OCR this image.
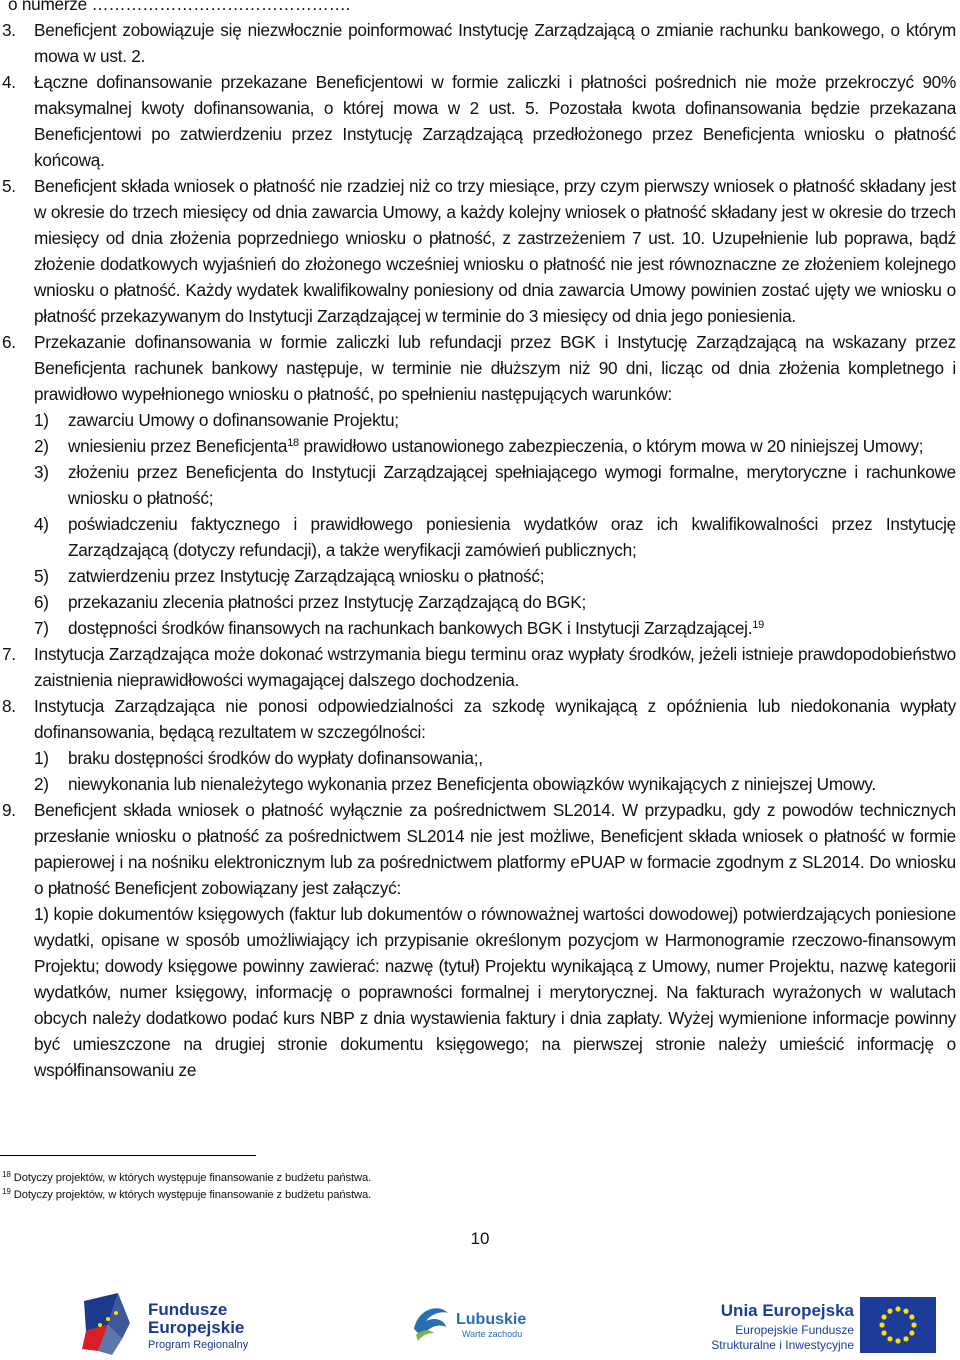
o numerze ……………………………………….
3.	Beneficjent zobowiązuje się niezwłocznie poinformować Instytucję Zarządzającą o zmianie rachunku bankowego, o którym mowa w ust. 2.
4.	Łączne dofinansowanie przekazane Beneficjentowi w formie zaliczki i płatności pośrednich nie może przekroczyć 90% maksymalnej kwoty dofinansowania, o której mowa w 2 ust. 5. Pozostała kwota dofinansowania będzie przekazana Beneficjentowi po zatwierdzeniu przez Instytucję Zarządzającą przedłożonego przez Beneficjenta wniosku o płatność końcową.
5.	Beneficjent składa wniosek o płatność nie rzadziej niż co trzy miesiące, przy czym pierwszy wniosek o płatność składany jest w okresie do trzech miesięcy od dnia zawarcia Umowy, a każdy kolejny wniosek o płatność składany jest w okresie do trzech miesięcy od dnia złożenia poprzedniego wniosku o płatność, z zastrzeżeniem 7 ust. 10. Uzupełnienie lub poprawa, bądź złożenie dodatkowych wyjaśnień do złożonego wcześniej wniosku o płatność nie jest równoznaczne ze złożeniem kolejnego wniosku o płatność. Każdy wydatek kwalifikowalny poniesiony od dnia zawarcia Umowy powinien zostać ujęty we wniosku o płatność przekazywanym do Instytucji Zarządzającej w terminie do 3 miesięcy od dnia jego poniesienia.
6.	Przekazanie dofinansowania w formie zaliczki lub refundacji przez BGK i Instytucję Zarządzającą na wskazany przez Beneficjenta rachunek bankowy następuje, w terminie nie dłuższym niż 90 dni, licząc od dnia złożenia kompletnego i prawidłowo wypełnionego wniosku o płatność, po spełnieniu następujących warunków:
1)	zawarciu Umowy o dofinansowanie Projektu;
2)	wniesieniu przez Beneficjenta$^{18}$ prawidłowo ustanowionego zabezpieczenia, o którym mowa w 20 niniejszej Umowy;
3)	złożeniu przez Beneficjenta do Instytucji Zarządzającej spełniającego wymogi formalne, merytoryczne i rachunkowe wniosku o płatność;
4)	poświadczeniu faktycznego i prawidłowego poniesienia wydatków oraz ich kwalifikowalności przez Instytucję Zarządzającą (dotyczy refundacji), a także weryfikacji zamówień publicznych;
5)	zatwierdzeniu przez Instytucję Zarządzającą wniosku o płatność;
6)	przekazaniu zlecenia płatności przez Instytucję Zarządzającą do BGK;
7)	dostępności środków finansowych na rachunkach bankowych BGK i Instytucji Zarządzającej.$^{19}$
7.	Instytucja Zarządzająca może dokonać wstrzymania biegu terminu oraz wypłaty środków, jeżeli istnieje prawdopodobieństwo zaistnienia nieprawidłowości wymagającej dalszego dochodzenia.
8.	Instytucja Zarządzająca nie ponosi odpowiedzialności za szkodę wynikającą z opóźnienia lub niedokonania wypłaty dofinansowania, będącą rezultatem w szczególności:
1)	braku dostępności środków do wypłaty dofinansowania;,
2)	niewykonania lub nienależytego wykonania przez Beneficjenta obowiązków wynikających z niniejszej Umowy.
9.	Beneficjent składa wniosek o płatność wyłącznie za pośrednictwem SL2014. W przypadku, gdy z powodów technicznych przesłanie wniosku o płatność za pośrednictwem SL2014 nie jest możliwe, Beneficjent składa wniosek o płatność w formie papierowej i na nośniku elektronicznym lub za pośrednictwem platformy ePUAP w formacie zgodnym z SL2014. Do wniosku o płatność Beneficjent zobowiązany jest załączyć:
1) kopie dokumentów księgowych (faktur lub dokumentów o równoważnej wartości dowodowej) potwierdzających poniesione wydatki, opisane w sposób umożliwiający ich przypisanie określonym pozycjom w Harmonogramie rzeczowo-finansowym Projektu; dowody księgowe powinny zawierać: nazwę (tytuł) Projektu wynikającą z Umowy, numer Projektu, nazwę kategorii wydatków, numer księgowy, informację o poprawności formalnej i merytorycznej. Na fakturach wyrażonych w walutach obcych należy dodatkowo podać kurs NBP z dnia wystawienia faktury i dnia zapłaty. Wyżej wymienione informacje powinny być umieszczone na drugiej stronie dokumentu księgowego; na pierwszej stronie należy umieścić informację o współfinansowaniu ze
$^{18}$ Dotyczy projektów, w których występuje finansowanie z budżetu państwa.
$^{19}$ Dotyczy projektów, w których występuje finansowanie z budżetu państwa.
10
Fundusze
Europejskie
Program Regionalny
Lubuskie
Warte zachodu
Unia Europejska
Europejskie Fundusze
Strukturalne i Inwestycyjne
